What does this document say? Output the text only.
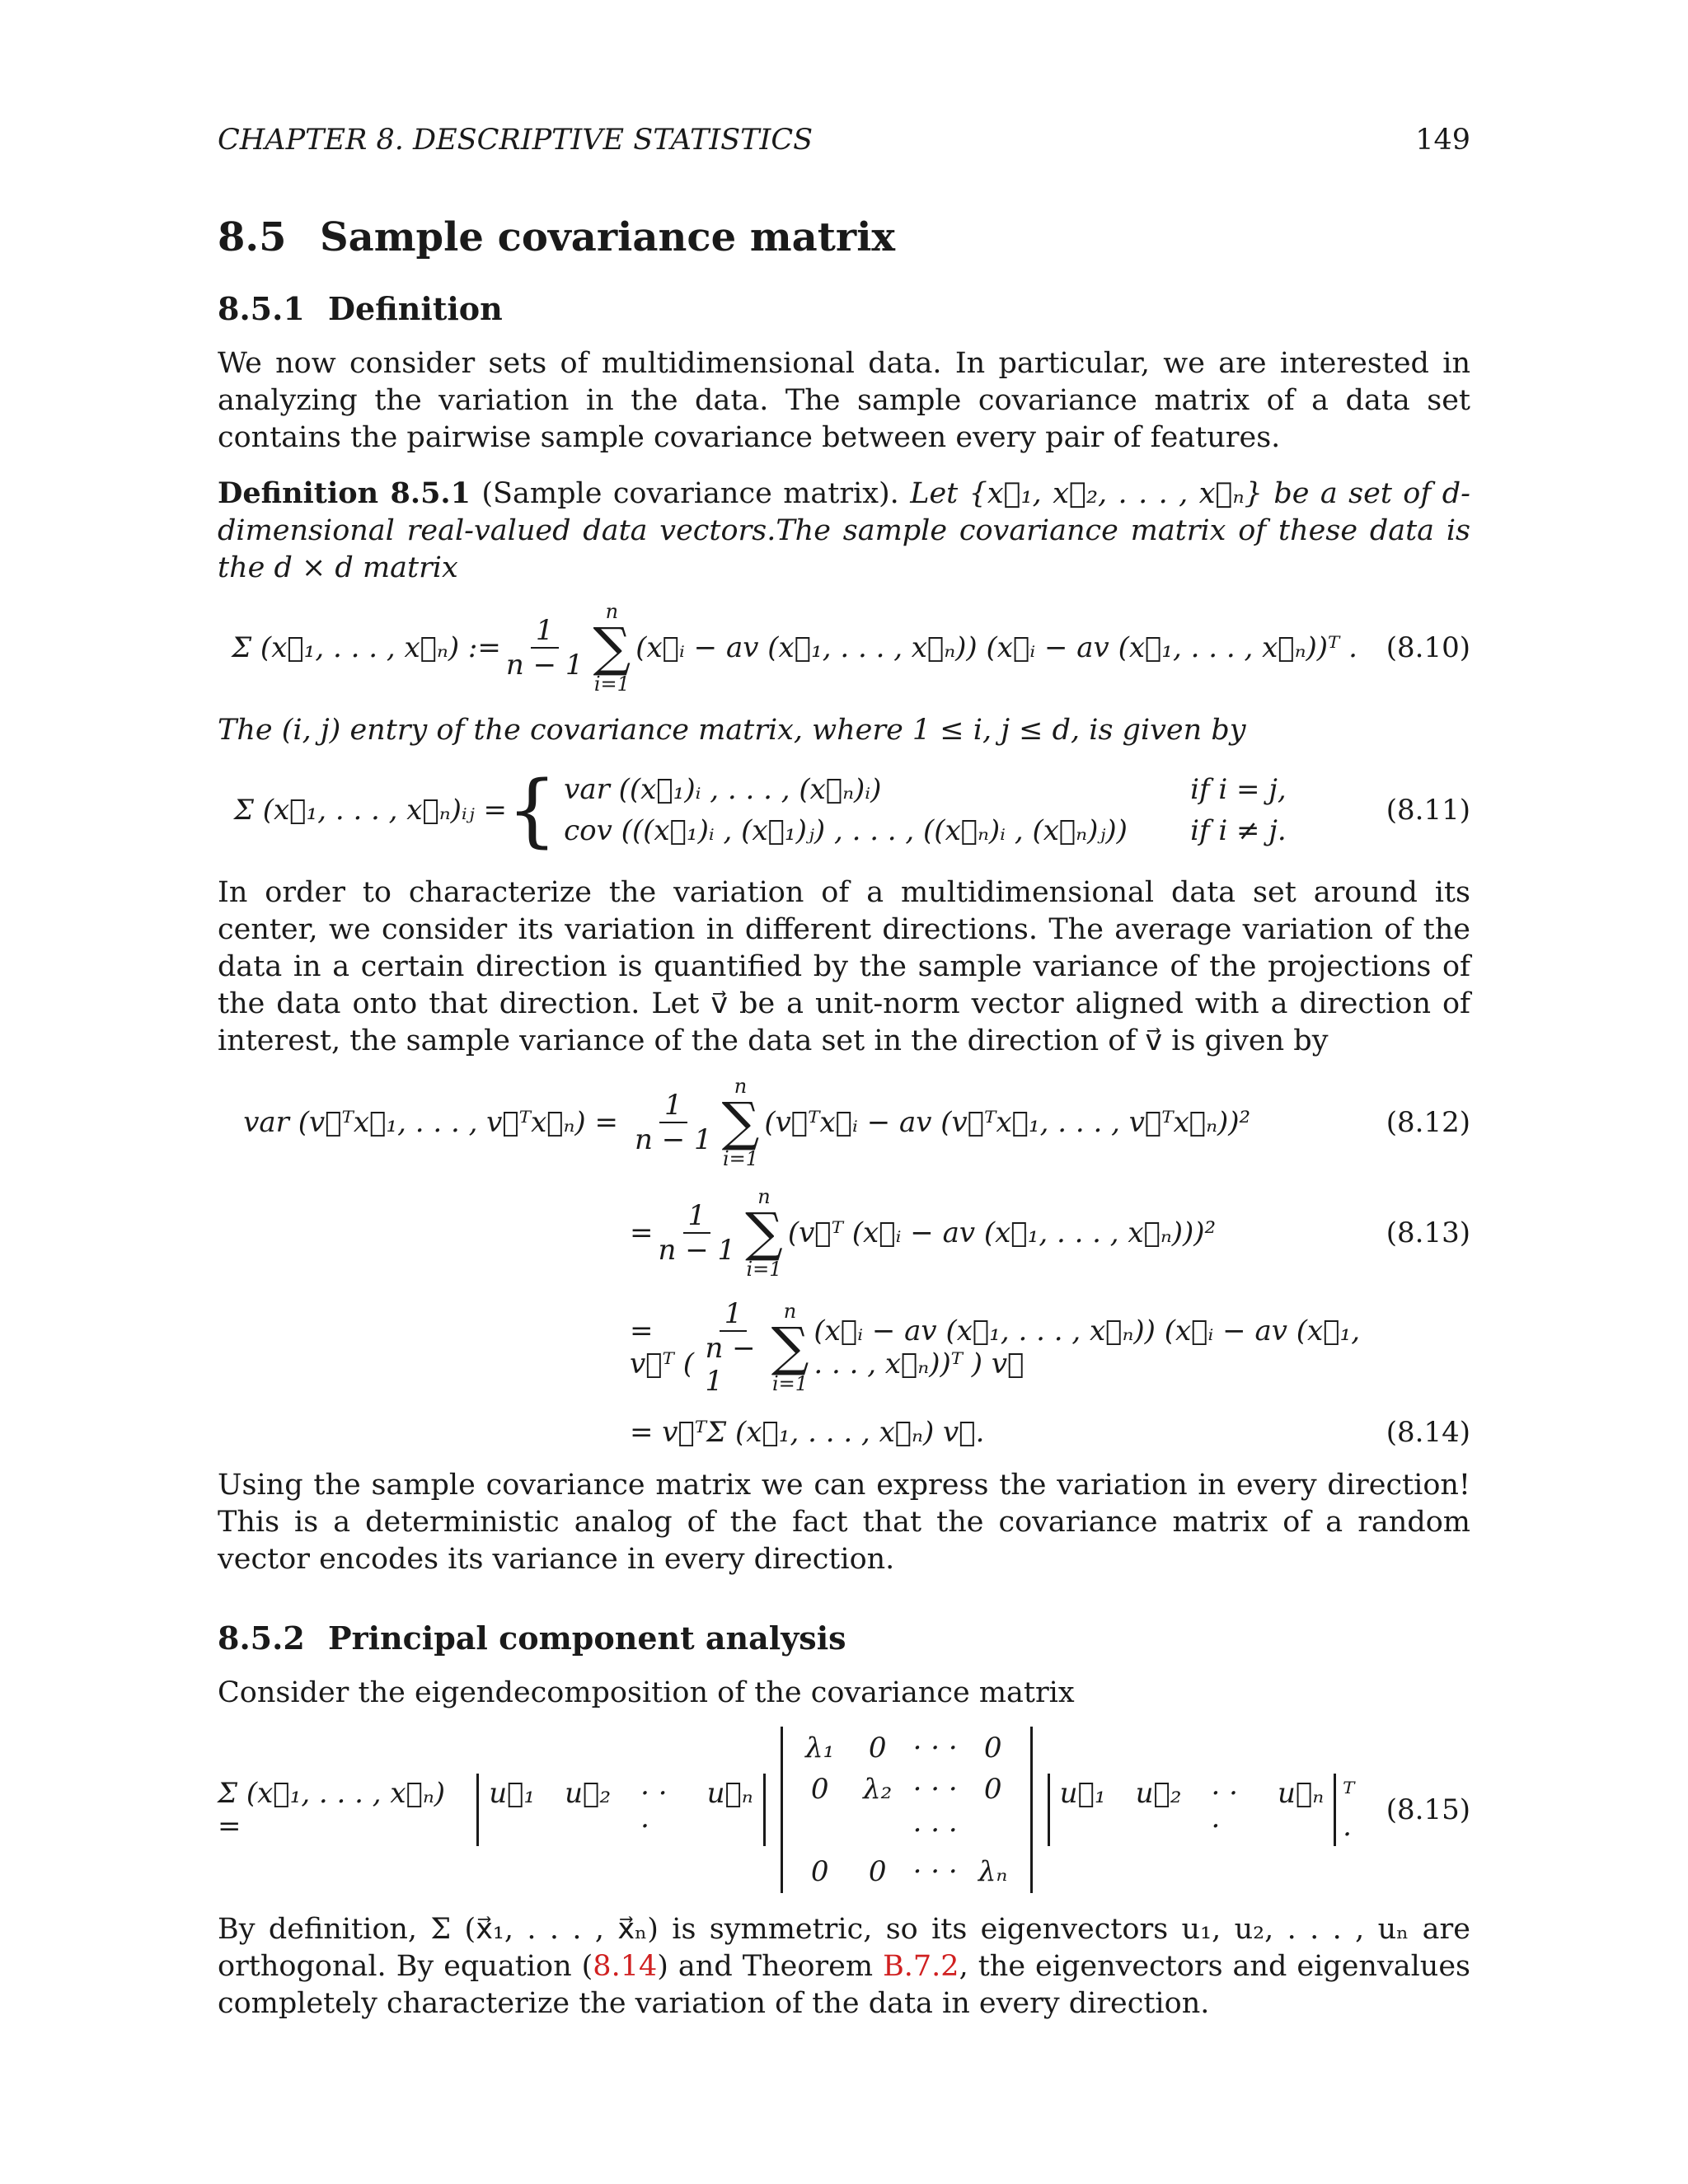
CHAPTER 8. DESCRIPTIVE STATISTICS	149
8.5 Sample covariance matrix
8.5.1 Definition

We now consider sets of multidimensional data. In particular, we are interested in analyzing the variation in the data. The sample covariance matrix of a data set contains the pairwise sample covariance between every pair of features.

Definition 8.5.1 (Sample covariance matrix). Let {x⃗₁, x⃗₂, . . . , x⃗ₙ} be a set of d-dimensional real-valued data vectors.The sample covariance matrix of these data is the d × d matrix

Σ (x⃗₁, . . . , x⃗ₙ) := $\frac{1}{n - 1}$
n
∑
i=1
(x⃗ᵢ − av (x⃗₁, . . . , x⃗ₙ)) (x⃗ᵢ − av (x⃗₁, . . . , x⃗ₙ))ᵀ .	(8.10)

The (i, j) entry of the covariance matrix, where 1 ≤ i, j ≤ d, is given by

Σ (x⃗₁, . . . , x⃗ₙ)ᵢⱼ = { var ((x⃗₁)ᵢ , . . . , (x⃗ₙ)ᵢ)	if i = j,
cov (((x⃗₁)ᵢ , (x⃗₁)ⱼ) , . . . , ((x⃗ₙ)ᵢ , (x⃗ₙ)ⱼ))	if i ≠ j.
(8.11)

In order to characterize the variation of a multidimensional data set around its center, we consider its variation in different directions. The average variation of the data in a certain direction is quantified by the sample variance of the projections of the data onto that direction. Let v⃗ be a unit-norm vector aligned with a direction of interest, the sample variance of the data set in the direction of v⃗ is given by

var (v⃗ᵀx⃗₁, . . . , v⃗ᵀx⃗ₙ) = $\frac{1}{n - 1}$
n
∑
i=1
(v⃗ᵀx⃗ᵢ − av (v⃗ᵀx⃗₁, . . . , v⃗ᵀx⃗ₙ))²	(8.12)
= $\frac{1}{n - 1}$
n
∑
i=1
(v⃗ᵀ (x⃗ᵢ − av (x⃗₁, . . . , x⃗ₙ)))²	(8.13)
= v⃗ᵀ ( $\frac{1}{n - 1}$ n
∑
i=1
(x⃗ᵢ − av (x⃗₁, . . . , x⃗ₙ)) (x⃗ᵢ − av (x⃗₁, . . . , x⃗ₙ))ᵀ ) v⃗
= v⃗ᵀΣ (x⃗₁, . . . , x⃗ₙ) v⃗.	(8.14)

Using the sample covariance matrix we can express the variation in every direction! This is a deterministic analog of the fact that the covariance matrix of a random vector encodes its variance in every direction.

8.5.2 Principal component analysis

Consider the eigendecomposition of the covariance matrix

Σ (x⃗₁, . . . , x⃗ₙ) =
u⃗₁ u⃗₂ · · ·
u⃗ₙ
λ₁	0 · · · 0
0	λ₂ · · · 0
· · ·
0	0 · · · λₙ
u⃗₁ u⃗₂ · · ·
u⃗ₙ ᵀ .	(8.15)

By definition, Σ (x⃗₁, . . . , x⃗ₙ) is symmetric, so its eigenvectors u₁, u₂, . . . , uₙ are orthogonal. By equation (8.14) and Theorem B.7.2, the eigenvectors and eigenvalues completely characterize the variation of the data in every direction.
